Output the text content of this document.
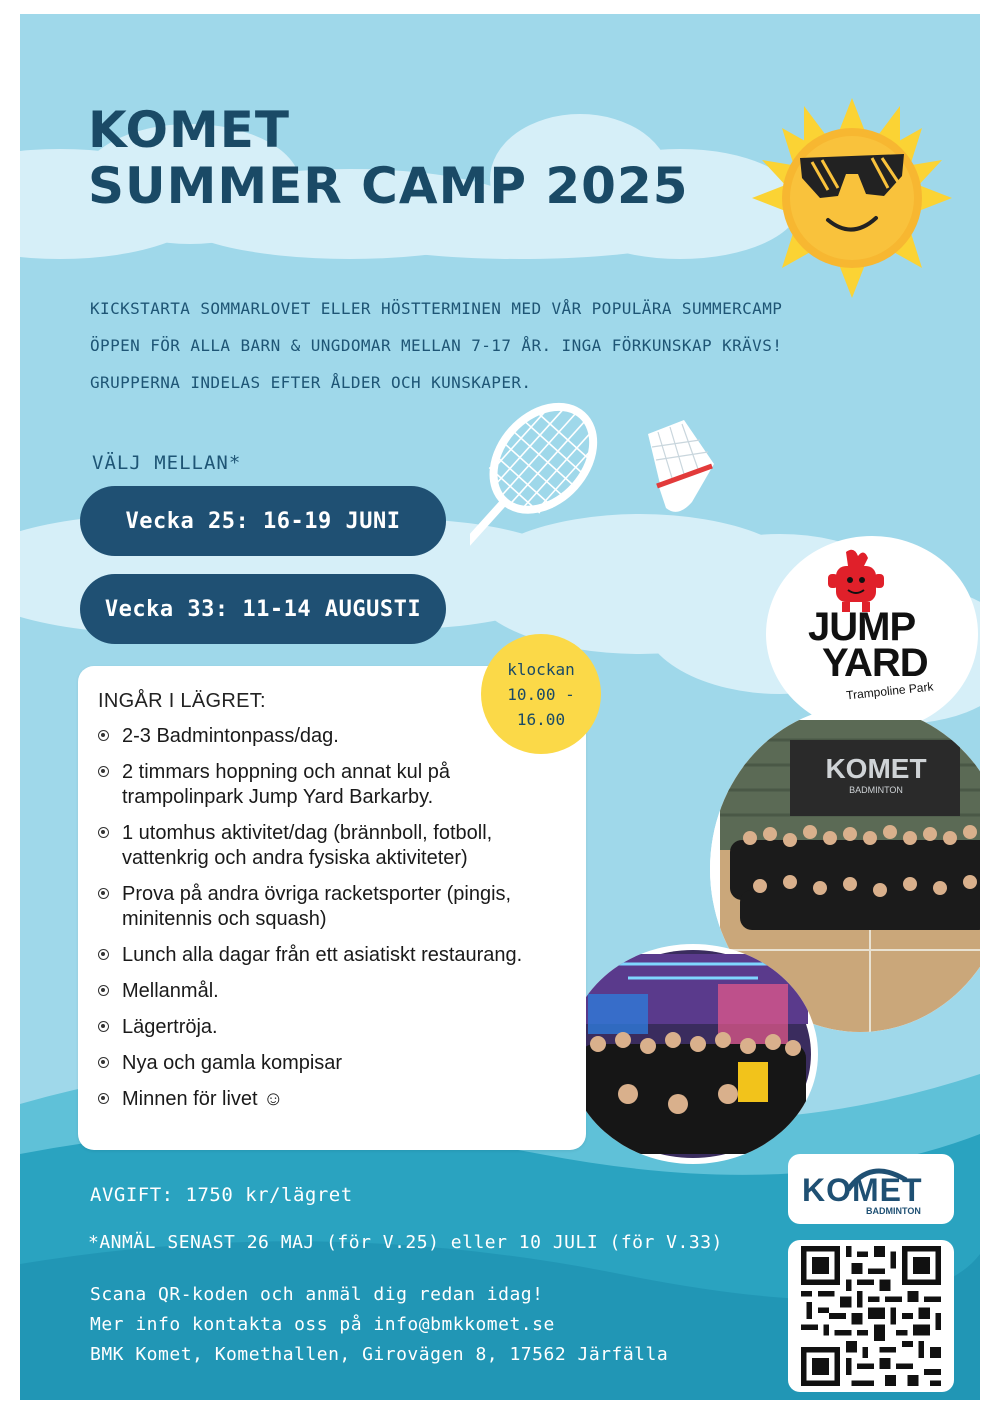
KOMET
SUMMER CAMP 2025
KICKSTARTA SOMMARLOVET ELLER HÖSTTERMINEN MED VÅR POPULÄRA SUMMERCAMP
ÖPPEN FÖR ALLA BARN & UNGDOMAR MELLAN 7-17 ÅR. INGA FÖRKUNSKAP KRÄVS!
GRUPPERNA INDELAS EFTER ÅLDER OCH KUNSKAPER.
VÄLJ MELLAN*
Vecka 25: 16-19 JUNI
Vecka 33: 11-14 AUGUSTI	JUMP
YARD
Trampoline Park
KOMET
BADMINTON
INGÅR I LÄGRET:
2-3 Badmintonpass/dag.
2 timmars hoppning och annat kul på trampolinpark Jump Yard Barkarby.
1 utomhus aktivitet/dag (brännboll, fotboll, vattenkrig och andra fysiska aktiviteter)
Prova på andra övriga racketsporter (pingis, minitennis och squash)
Lunch alla dagar från ett asiatiskt restaurang.
Mellanmål.
Lägertröja.
Nya och gamla kompisar
Minnen för livet ☺
klockan
10.00 -
16.00
AVGIFT: 1750 kr/lägret
*ANMÄL SENAST 26 MAJ (för V.25) eller 10 JULI (för V.33)
Scana QR-koden och anmäl dig redan idag!
Mer info kontakta oss på info@bmkkomet.se
BMK Komet, Komethallen, Girovägen 8, 17562 Järfälla
KOMET
BADMINTON
